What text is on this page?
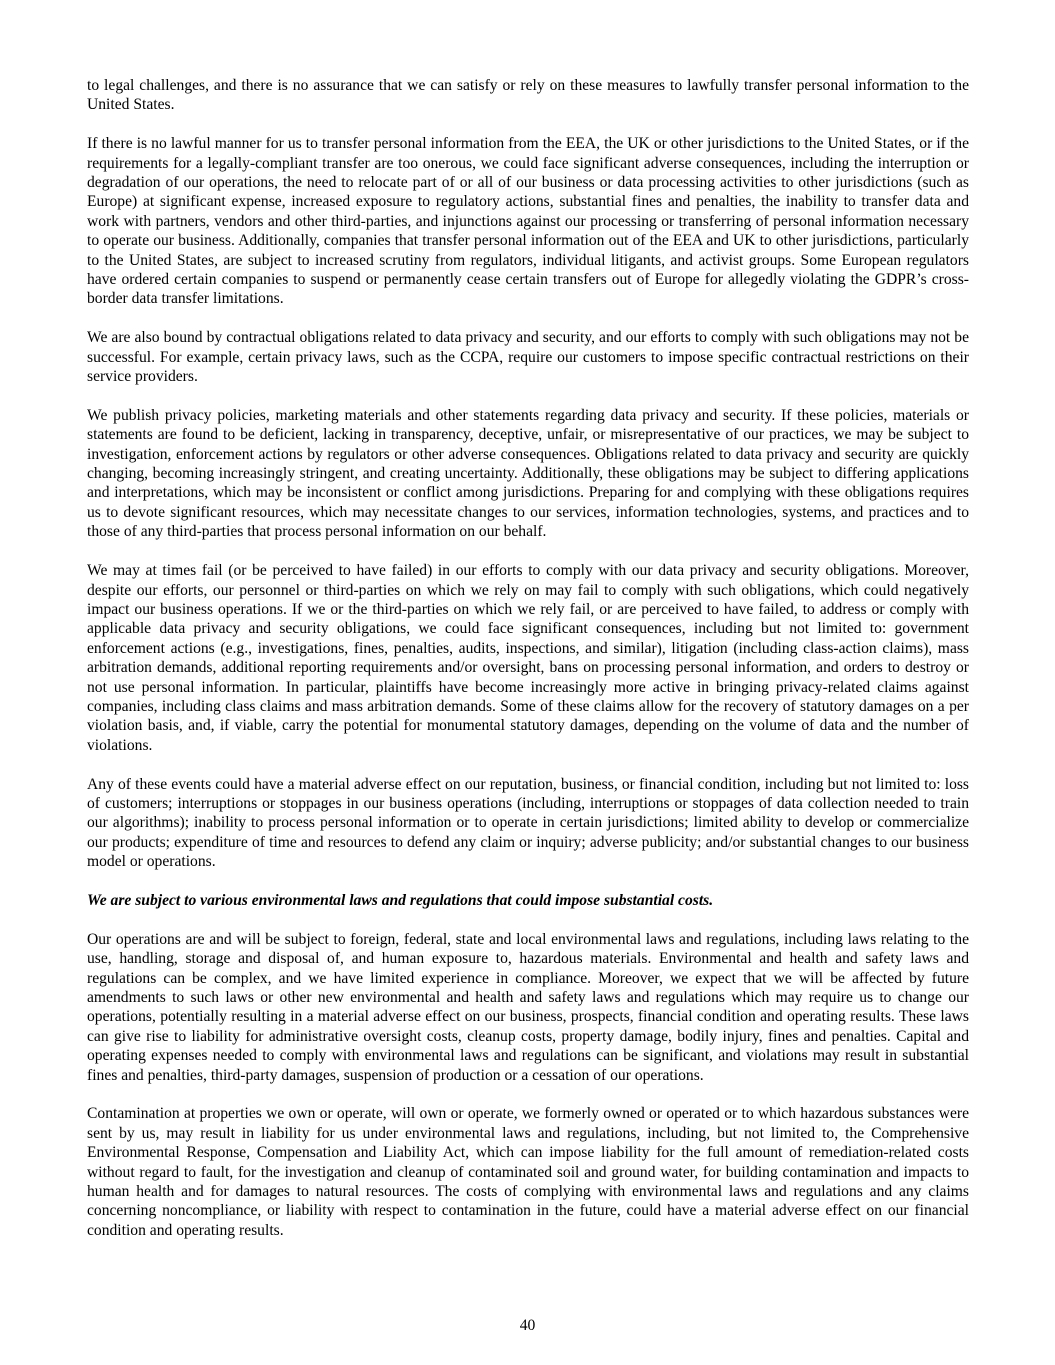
to legal challenges, and there is no assurance that we can satisfy or rely on these measures to lawfully transfer personal information to the United States.

If there is no lawful manner for us to transfer personal information from the EEA, the UK or other jurisdictions to the United States, or if the requirements for a legally-compliant transfer are too onerous, we could face significant adverse consequences, including the interruption or degradation of our operations, the need to relocate part of or all of our business or data processing activities to other jurisdictions (such as Europe) at significant expense, increased exposure to regulatory actions, substantial fines and penalties, the inability to transfer data and work with partners, vendors and other third-parties, and injunctions against our processing or transferring of personal information necessary to operate our business. Additionally, companies that transfer personal information out of the EEA and UK to other jurisdictions, particularly to the United States, are subject to increased scrutiny from regulators, individual litigants, and activist groups. Some European regulators have ordered certain companies to suspend or permanently cease certain transfers out of Europe for allegedly violating the GDPR’s cross-border data transfer limitations.

We are also bound by contractual obligations related to data privacy and security, and our efforts to comply with such obligations may not be successful. For example, certain privacy laws, such as the CCPA, require our customers to impose specific contractual restrictions on their service providers.

We publish privacy policies, marketing materials and other statements regarding data privacy and security. If these policies, materials or statements are found to be deficient, lacking in transparency, deceptive, unfair, or misrepresentative of our practices, we may be subject to investigation, enforcement actions by regulators or other adverse consequences. Obligations related to data privacy and security are quickly changing, becoming increasingly stringent, and creating uncertainty. Additionally, these obligations may be subject to differing applications and interpretations, which may be inconsistent or conflict among jurisdictions. Preparing for and complying with these obligations requires us to devote significant resources, which may necessitate changes to our services, information technologies, systems, and practices and to those of any third-parties that process personal information on our behalf.

We may at times fail (or be perceived to have failed) in our efforts to comply with our data privacy and security obligations. Moreover, despite our efforts, our personnel or third-parties on which we rely on may fail to comply with such obligations, which could negatively impact our business operations. If we or the third-parties on which we rely fail, or are perceived to have failed, to address or comply with applicable data privacy and security obligations, we could face significant consequences, including but not limited to: government enforcement actions (e.g., investigations, fines, penalties, audits, inspections, and similar), litigation (including class-action claims), mass arbitration demands, additional reporting requirements and/or oversight, bans on processing personal information, and orders to destroy or not use personal information. In particular, plaintiffs have become increasingly more active in bringing privacy-related claims against companies, including class claims and mass arbitration demands. Some of these claims allow for the recovery of statutory damages on a per violation basis, and, if viable, carry the potential for monumental statutory damages, depending on the volume of data and the number of violations.

Any of these events could have a material adverse effect on our reputation, business, or financial condition, including but not limited to: loss of customers; interruptions or stoppages in our business operations (including, interruptions or stoppages of data collection needed to train our algorithms); inability to process personal information or to operate in certain jurisdictions; limited ability to develop or commercialize our products; expenditure of time and resources to defend any claim or inquiry; adverse publicity; and/or substantial changes to our business model or operations.

We are subject to various environmental laws and regulations that could impose substantial costs.

Our operations are and will be subject to foreign, federal, state and local environmental laws and regulations, including laws relating to the use, handling, storage and disposal of, and human exposure to, hazardous materials. Environmental and health and safety laws and regulations can be complex, and we have limited experience in compliance. Moreover, we expect that we will be affected by future amendments to such laws or other new environmental and health and safety laws and regulations which may require us to change our operations, potentially resulting in a material adverse effect on our business, prospects, financial condition and operating results. These laws can give rise to liability for administrative oversight costs, cleanup costs, property damage, bodily injury, fines and penalties. Capital and operating expenses needed to comply with environmental laws and regulations can be significant, and violations may result in substantial fines and penalties, third-party damages, suspension of production or a cessation of our operations.

Contamination at properties we own or operate, will own or operate, we formerly owned or operated or to which hazardous substances were sent by us, may result in liability for us under environmental laws and regulations, including, but not limited to, the Comprehensive Environmental Response, Compensation and Liability Act, which can impose liability for the full amount of remediation-related costs without regard to fault, for the investigation and cleanup of contaminated soil and ground water, for building contamination and impacts to human health and for damages to natural resources. The costs of complying with environmental laws and regulations and any claims concerning noncompliance, or liability with respect to contamination in the future, could have a material adverse effect on our financial condition and operating results.

40
